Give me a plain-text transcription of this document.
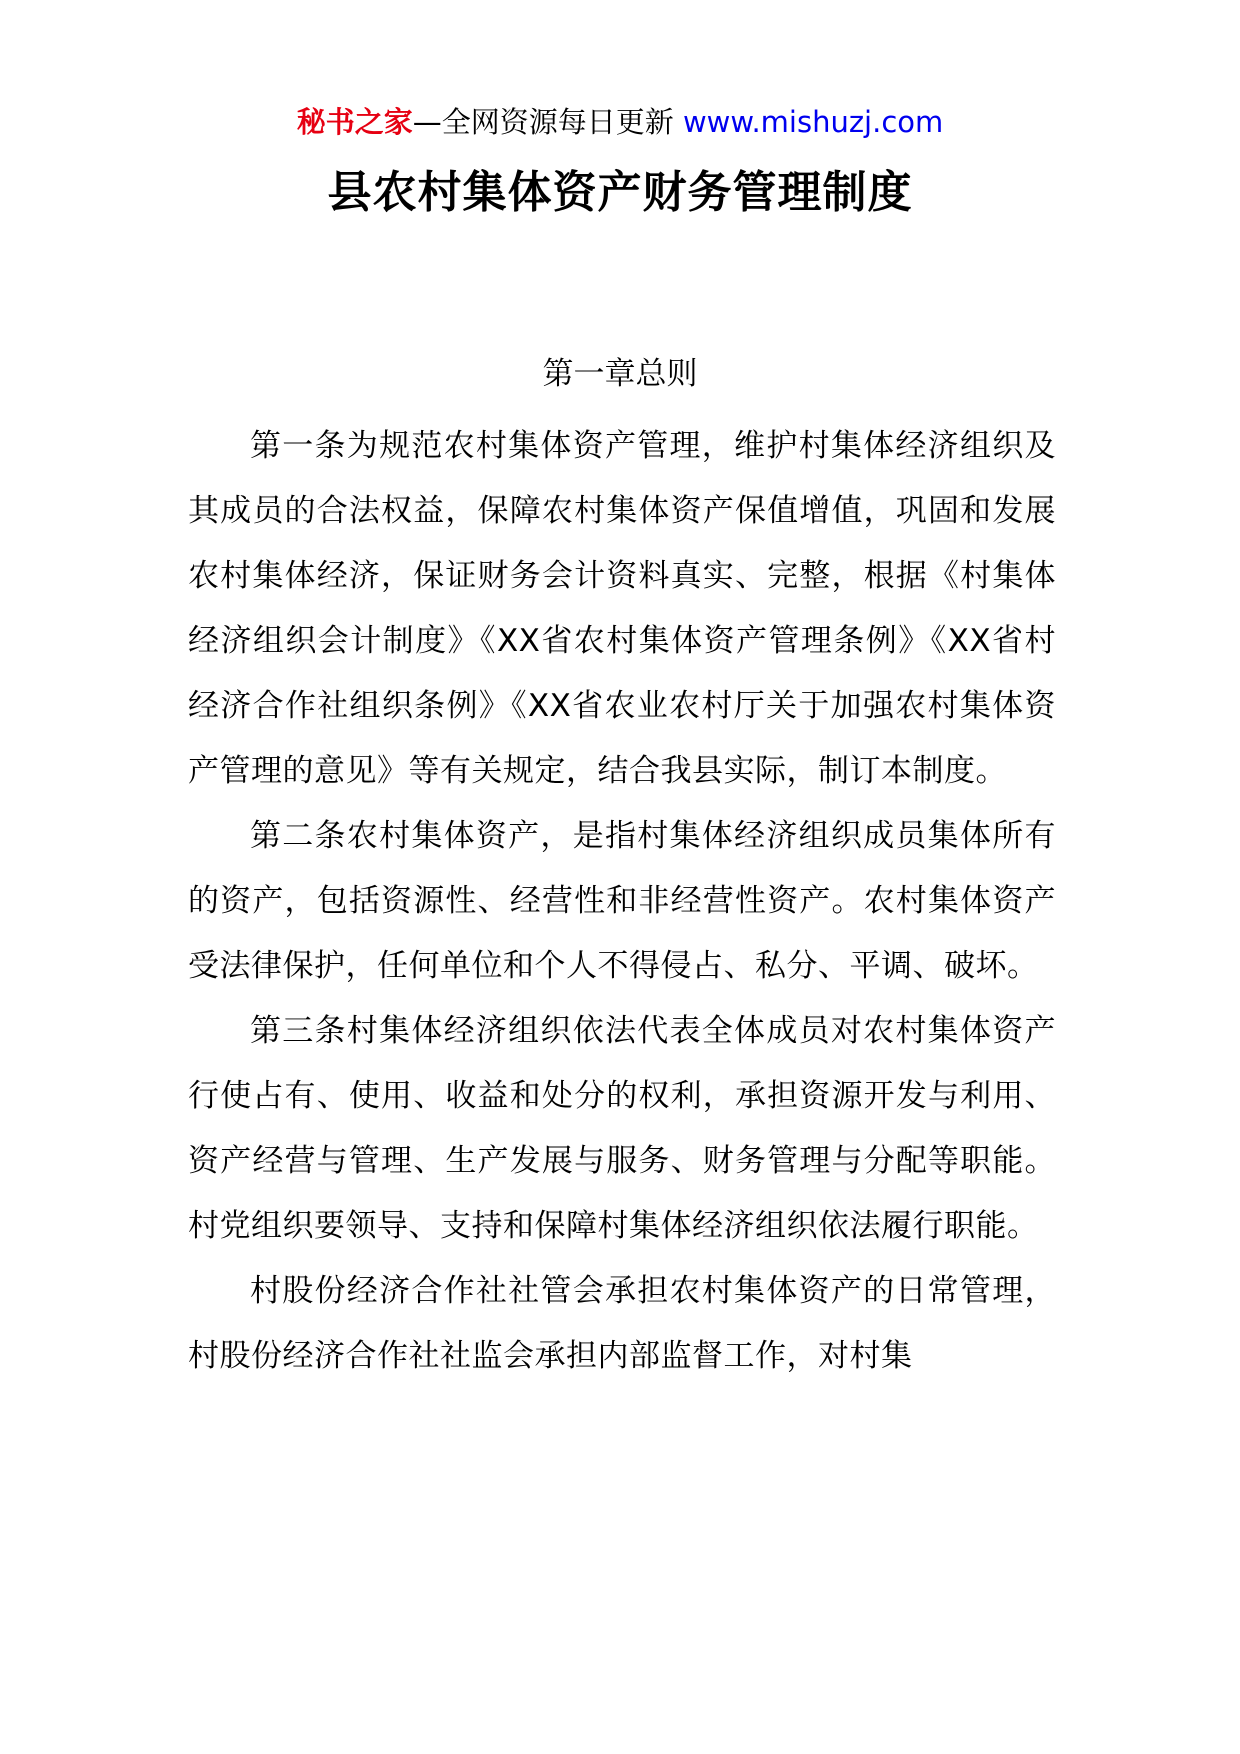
秘书之家—全网资源每日更新 www.mishuzj.com
县农村集体资产财务管理制度
第一章总则

第一条为规范农村集体资产管理，维护村集体经济组织及其成员的合法权益，保障农村集体资产保值增值，巩固和发展农村集体经济，保证财务会计资料真实、完整，根据《村集体经济组织会计制度》《XX省农村集体资产管理条例》《XX省村经济合作社组织条例》《XX省农业农村厅关于加强农村集体资产管理的意见》等有关规定，结合我县实际，制订本制度。

第二条农村集体资产，是指村集体经济组织成员集体所有的资产，包括资源性、经营性和非经营性资产。农村集体资产受法律保护，任何单位和个人不得侵占、私分、平调、破坏。

第三条村集体经济组织依法代表全体成员对农村集体资产行使占有、使用、收益和处分的权利，承担资源开发与利用、资产经营与管理、生产发展与服务、财务管理与分配等职能。村党组织要领导、支持和保障村集体经济组织依法履行职能。

村股份经济合作社社管会承担农村集体资产的日常管理，村股份经济合作社社监会承担内部监督工作，对村集
